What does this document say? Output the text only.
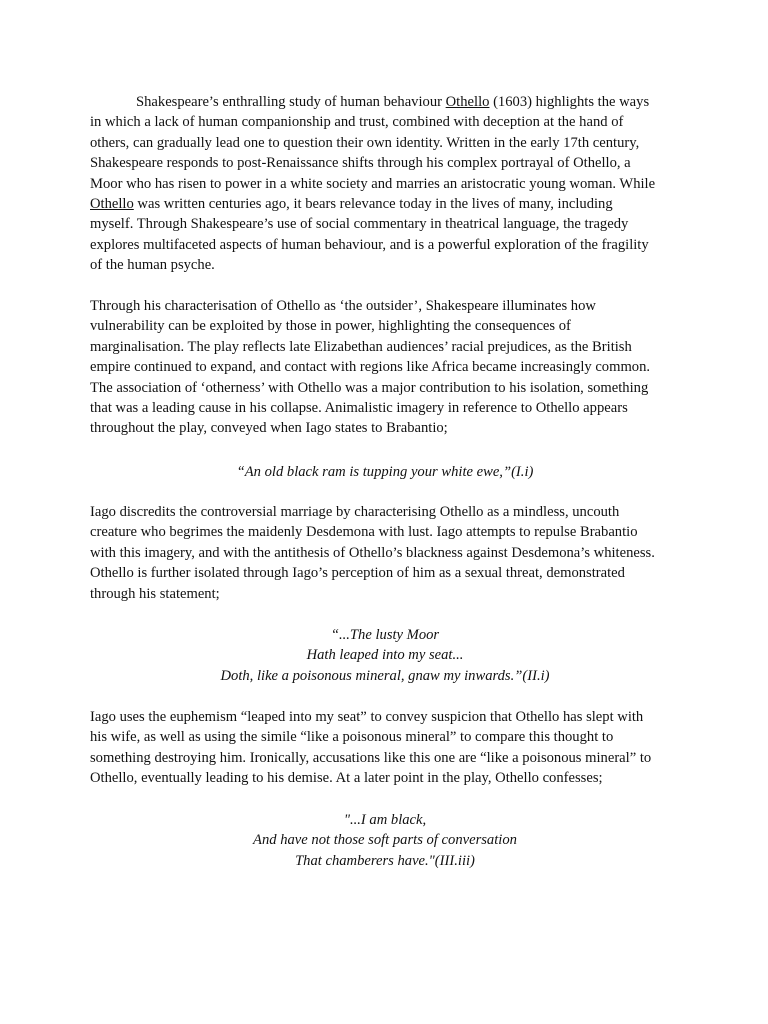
Shakespeare’s enthralling study of human behaviour Othello (1603) highlights the ways
in which a lack of human companionship and trust, combined with deception at the hand of
others, can gradually lead one to question their own identity. Written in the early 17th century,
Shakespeare responds to post-Renaissance shifts through his complex portrayal of Othello, a
Moor who has risen to power in a white society and marries an aristocratic young woman. While
Othello was written centuries ago, it bears relevance today in the lives of many, including
myself. Through Shakespeare’s use of social commentary in theatrical language, the tragedy
explores multifaceted aspects of human behaviour, and is a powerful exploration of the fragility
of the human psyche.
Through his characterisation of Othello as ‘the outsider’, Shakespeare illuminates how
vulnerability can be exploited by those in power, highlighting the consequences of
marginalisation. The play reflects late Elizabethan audiences’ racial prejudices, as the British
empire continued to expand, and contact with regions like Africa became increasingly common.
The association of ‘otherness’ with Othello was a major contribution to his isolation, something
that was a leading cause in his collapse. Animalistic imagery in reference to Othello appears
throughout the play, conveyed when Iago states to Brabantio;
“An old black ram is tupping your white ewe,”(I.i)
Iago discredits the controversial marriage by characterising Othello as a mindless, uncouth
creature who begrimes the maidenly Desdemona with lust. Iago attempts to repulse Brabantio
with this imagery, and with the antithesis of Othello’s blackness against Desdemona’s whiteness.
Othello is further isolated through Iago’s perception of him as a sexual threat, demonstrated
through his statement;
“...The lusty Moor
Hath leaped into my seat...
Doth, like a poisonous mineral, gnaw my inwards.”(II.i)
Iago uses the euphemism “leaped into my seat” to convey suspicion that Othello has slept with
his wife, as well as using the simile “like a poisonous mineral” to compare this thought to
something destroying him. Ironically, accusations like this one are “like a poisonous mineral” to
Othello, eventually leading to his demise. At a later point in the play, Othello confesses;
"...I am black,
And have not those soft parts of conversation
That chamberers have."(III.iii)
